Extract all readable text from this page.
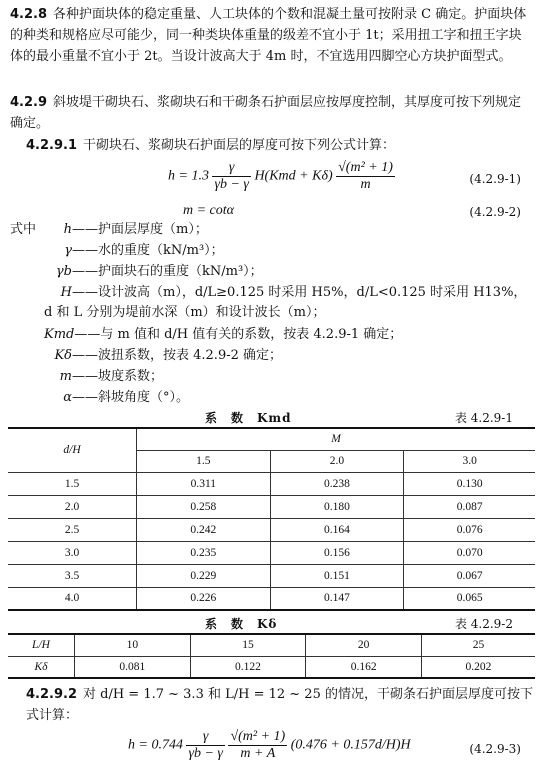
4.2.8 各种护面块体的稳定重量、人工块体的个数和混凝土量可按附录 C 确定。护面块体的种类和规格应尽可能少，同一种类块体重量的级差不宜小于 1t；采用扭工字和扭王字块体的最小重量不宜小于 2t。当设计波高大于 4m 时，不宜选用四脚空心方块护面型式。

4.2.9 斜坡堤干砌块石、浆砌块石和干砌条石护面层应按厚度控制，其厚度可按下列规定确定。

4.2.9.1 干砌块石、浆砌块石护面层的厚度可按下列公式计算：

$h = 1.3 \frac{\gamma}{\gamma b - \gamma} H(Kmd + K\delta) \frac{\text{√(m² + 1)}}{m}$	(4.2.9-1)
m = cotα	(4.2.9-2)
式中	h——护面层厚度（m）；
γ——水的重度（kN/m³）；
γb——护面块石的重度（kN/m³）；
H——设计波高（m），d/L≥0.125 时采用 H5%，d/L<0.125 时采用 H13%，d 和 L 分别为堤前水深（m）和设计波长（m）；
Kmd——与 m 值和 d/H 值有关的系数，按表 4.2.9-1 确定；
Kδ——波扭系数，按表 4.2.9-2 确定；
m——坡度系数；
α——斜坡角度（°）。
系　数　Kmd	表 4.2.9-1
d/H	M		
	1.5	2.0	3.0
1.5	0.311	0.238	0.130
2.0	0.258	0.180	0.087
2.5	0.242	0.164	0.076
3.0	0.235	0.156	0.070
3.5	0.229	0.151	0.067
4.0	0.226	0.147	0.065
系　数　Kδ	表 4.2.9-2
L/H	10	15	20	25
Kδ	0.081	0.122	0.162	0.202

4.2.9.2 对 d/H = 1.7 ~ 3.3 和 L/H = 12 ~ 25 的情况，干砌条石护面层厚度可按下式计算：

$h = 0.744 \frac{\gamma}{\gamma b - \gamma}$
$\frac{\text{√(m² + 1)}}{m + A} (0.476 + 0.157d/H)H$	(4.2.9-3)
